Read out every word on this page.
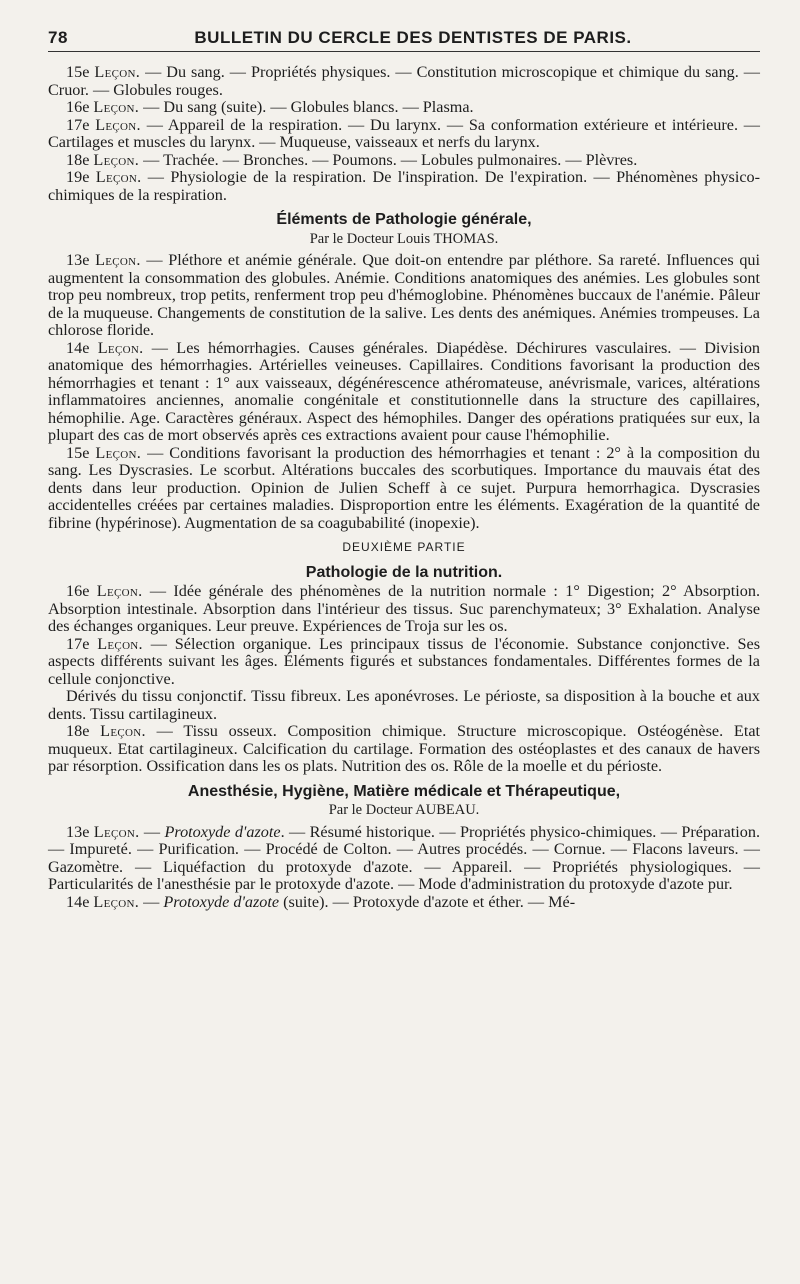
78	BULLETIN DU CERCLE DES DENTISTES DE PARIS.

15e Leçon. — Du sang. — Propriétés physiques. — Constitution microscopique et chimique du sang. — Cruor. — Globules rouges.

16e Leçon. — Du sang (suite). — Globules blancs. — Plasma.

17e Leçon. — Appareil de la respiration. — Du larynx. — Sa conformation extérieure et intérieure. — Cartilages et muscles du larynx. — Muqueuse, vaisseaux et nerfs du larynx.

18e Leçon. — Trachée. — Bronches. — Poumons. — Lobules pulmonaires. — Plèvres.

19e Leçon. — Physiologie de la respiration. De l'inspiration. De l'expiration. — Phénomènes physico-chimiques de la respiration.

Éléments de Pathologie générale,
Par le Docteur Louis THOMAS.

13e Leçon. — Pléthore et anémie générale. Que doit-on entendre par pléthore. Sa rareté. Influences qui augmentent la consommation des globules. Anémie. Conditions anatomiques des anémies. Les globules sont trop peu nombreux, trop petits, renferment trop peu d'hémoglobine. Phénomènes buccaux de l'anémie. Pâleur de la muqueuse. Changements de constitution de la salive. Les dents des anémiques. Anémies trompeuses. La chlorose floride.

14e Leçon. — Les hémorrhagies. Causes générales. Diapédèse. Déchirures vasculaires. — Division anatomique des hémorrhagies. Artérielles veineuses. Capillaires. Conditions favorisant la production des hémorrhagies et tenant : 1° aux vaisseaux, dégénérescence athéromateuse, anévrismale, varices, altérations inflammatoires anciennes, anomalie congénitale et constitutionnelle dans la structure des capillaires, hémophilie. Age. Caractères généraux. Aspect des hémophiles. Danger des opérations pratiquées sur eux, la plupart des cas de mort observés après ces extractions avaient pour cause l'hémophilie.

15e Leçon. — Conditions favorisant la production des hémorrhagies et tenant : 2° à la composition du sang. Les Dyscrasies. Le scorbut. Altérations buccales des scorbutiques. Importance du mauvais état des dents dans leur production. Opinion de Julien Scheff à ce sujet. Purpura hemorrhagica. Dyscrasies accidentelles créées par certaines maladies. Disproportion entre les éléments. Exagération de la quantité de fibrine (hypérinose). Augmentation de sa coagubabilité (inopexie).

DEUXIÈME PARTIE
Pathologie de la nutrition.

16e Leçon. — Idée générale des phénomènes de la nutrition normale : 1° Digestion; 2° Absorption. Absorption intestinale. Absorption dans l'intérieur des tissus. Suc parenchymateux; 3° Exhalation. Analyse des échanges organiques. Leur preuve. Expériences de Troja sur les os.

17e Leçon. — Sélection organique. Les principaux tissus de l'économie. Substance conjonctive. Ses aspects différents suivant les âges. Éléments figurés et substances fondamentales. Différentes formes de la cellule conjonctive.

Dérivés du tissu conjonctif. Tissu fibreux. Les aponévroses. Le périoste, sa disposition à la bouche et aux dents. Tissu cartilagineux.

18e Leçon. — Tissu osseux. Composition chimique. Structure microscopique. Ostéogénèse. Etat muqueux. Etat cartilagineux. Calcification du cartilage. Formation des ostéoplastes et des canaux de havers par résorption. Ossification dans les os plats. Nutrition des os. Rôle de la moelle et du périoste.

Anesthésie, Hygiène, Matière médicale et Thérapeutique,
Par le Docteur AUBEAU.

13e Leçon. — Protoxyde d'azote. — Résumé historique. — Propriétés physico-chimiques. — Préparation. — Impureté. — Purification. — Procédé de Colton. — Autres procédés. — Cornue. — Flacons laveurs. — Gazomètre. — Liquéfaction du protoxyde d'azote. — Appareil. — Propriétés physiologiques. — Particularités de l'anesthésie par le protoxyde d'azote. — Mode d'administration du protoxyde d'azote pur.

14e Leçon. — Protoxyde d'azote (suite). — Protoxyde d'azote et éther. — Mé-
